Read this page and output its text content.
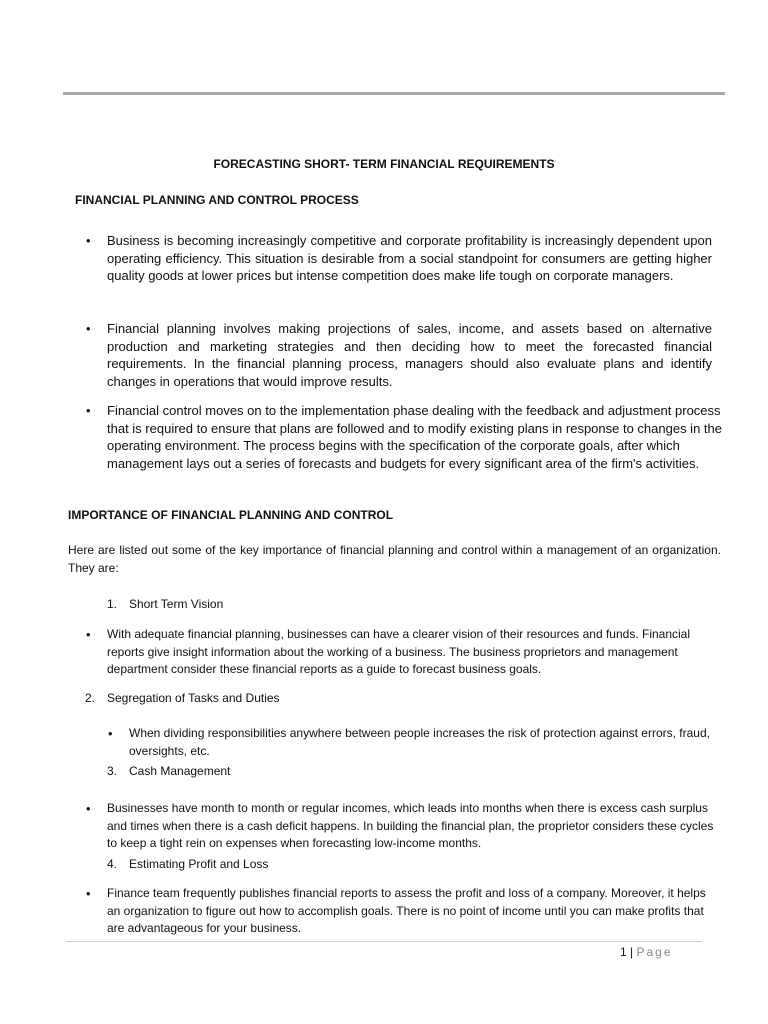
FORECASTING SHORT- TERM FINANCIAL REQUIREMENTS
FINANCIAL PLANNING AND CONTROL PROCESS
• Business is becoming increasingly competitive and corporate profitability is increasingly dependent upon operating efficiency. This situation is desirable from a social standpoint for consumers are getting higher quality goods at lower prices but intense competition does make life tough on corporate managers.
• Financial planning involves making projections of sales, income, and assets based on alternative production and marketing strategies and then deciding how to meet the forecasted financial requirements. In the financial planning process, managers should also evaluate plans and identify changes in operations that would improve results.
• Financial control moves on to the implementation phase dealing with the feedback and adjustment process that is required to ensure that plans are followed and to modify existing plans in response to changes in the operating environment. The process begins with the specification of the corporate goals, after which management lays out a series of forecasts and budgets for every significant area of the firm's activities.
IMPORTANCE OF FINANCIAL PLANNING AND CONTROL
Here are listed out some of the key importance of financial planning and control within a management of an organization. They are:
1. Short Term Vision
• With adequate financial planning, businesses can have a clearer vision of their resources and funds. Financial reports give insight information about the working of a business. The business proprietors and management department consider these financial reports as a guide to forecast business goals.
2. Segregation of Tasks and Duties
• When dividing responsibilities anywhere between people increases the risk of protection against errors, fraud, oversights, etc.
3. Cash Management
• Businesses have month to month or regular incomes, which leads into months when there is excess cash surplus and times when there is a cash deficit happens. In building the financial plan, the proprietor considers these cycles to keep a tight rein on expenses when forecasting low-income months.
4. Estimating Profit and Loss
• Finance team frequently publishes financial reports to assess the profit and loss of a company. Moreover, it helps an organization to figure out how to accomplish goals. There is no point of income until you can make profits that are advantageous for your business.
1 | Page
